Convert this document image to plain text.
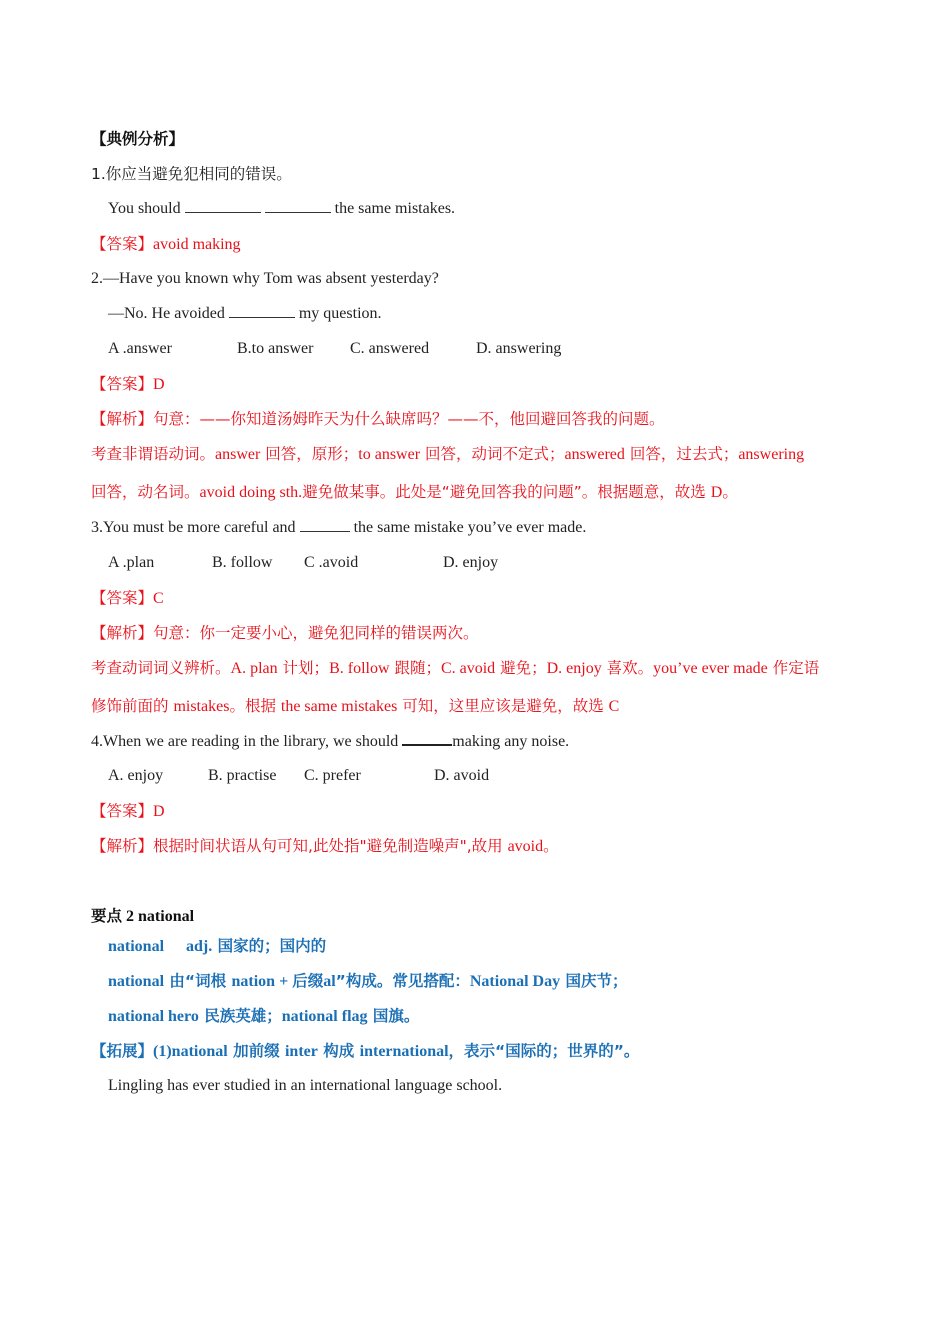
【典例分析】
1.你应当避免犯相同的错误。
You should	the same mistakes.
【答案】avoid making
2.—Have you known why Tom was absent yesterday?
—No. He avoided	my question.
A .answer	B.to answer C. answered	D. answering
【答案】D
【解析】句意：——你知道汤姆昨天为什么缺席吗？——不，他回避回答我的问题。
考查非谓语动词。answer 回答，原形；to answer 回答，动词不定式；answered 回答，过去式；answering
回答，动名词。avoid doing sth.避免做某事。此处是“避免回答我的问题”。根据题意，故选 D。
3.You must be more careful and	the same mistake you’ve ever made.
A .plan	B. follow C .avoid	D. enjoy
【答案】C
【解析】句意：你一定要小心，避免犯同样的错误两次。
考查动词词义辨析。A. plan 计划；B. follow 跟随；C. avoid 避免；D. enjoy 喜欢。you’ve ever made 作定语
修饰前面的 mistakes。根据 the same mistakes 可知，这里应该是避免，故选 C
4.When we are reading in the library, we should	making any noise.
A. enjoy	B. practise C. prefer	D. avoid
【答案】D
【解析】根据时间状语从句可知,此处指"避免制造噪声",故用 avoid。
要点 2 national
national adj. 国家的；国内的
national 由“词根 nation + 后缀al”构成。常见搭配：National Day 国庆节；
national hero 民族英雄；national flag 国旗。
【拓展】(1)national 加前缀 inter 构成 international，表示“国际的；世界的”。
Lingling has ever studied in an international language school.
